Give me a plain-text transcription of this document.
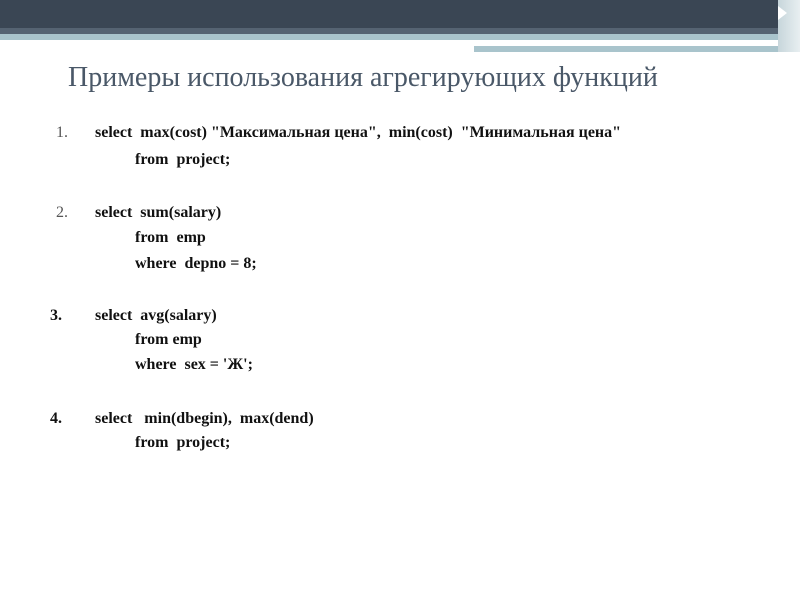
Примеры использования агрегирующих функций
1.	select  max(cost) "Максимальная цена",  min(cost)  "Минимальная цена"
from  project;
2.	select  sum(salary)
from  emp
where  depno = 8;
3.	select  avg(salary)
from emp
where  sex = 'Ж';
4.	select   min(dbegin),  max(dend)
from  project;
